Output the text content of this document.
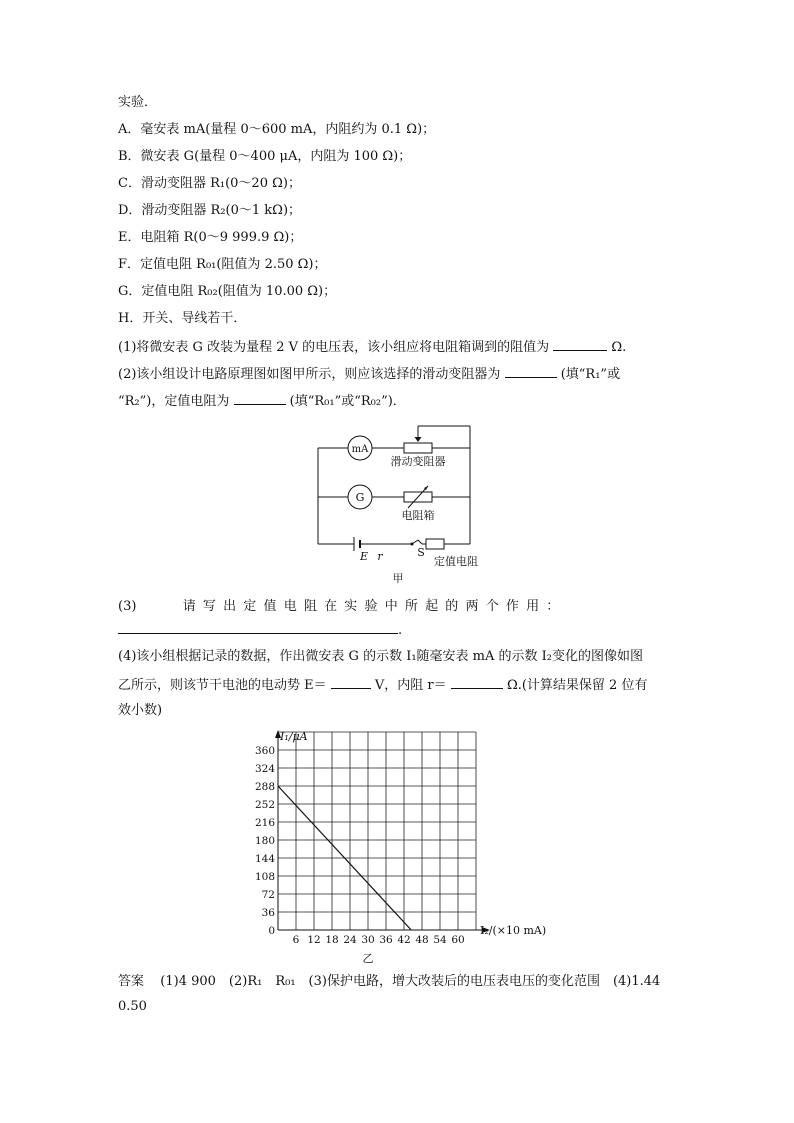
实验．
A．毫安表 mA(量程 0～600 mA，内阻约为 0.1 Ω)；
B．微安表 G(量程 0～400 μA，内阻为 100 Ω)；
C．滑动变阻器 R₁(0～20 Ω)；
D．滑动变阻器 R₂(0～1 kΩ)；
E．电阻箱 R(0～9 999.9 Ω)；
F．定值电阻 R₀₁(阻值为 2.50 Ω)；
G．定值电阻 R₀₂(阻值为 10.00 Ω)；
H．开关、导线若干．
(1)将微安表 G 改装为量程 2 V 的电压表，该小组应将电阻箱调到的阻值为	Ω.
(2)该小组设计电路原理图如图甲所示，则应该选择的滑动变阻器为	(填“R₁”或
“R₂”)，定值电阻为	(填“R₀₁”或“R₀₂”)．
mA
滑动变阻器
G
电阻箱
E r	S
定值电阻
甲
(3)	请写出定值电阻在实验中所起的两个作用：
.
(4)该小组根据记录的数据，作出微安表 G 的示数 I₁随毫安表 mA 的示数 I₂变化的图像如图
乙所示，则该节干电池的电动势 E＝	V，内阻 r＝	Ω.(计算结果保留 2 位有
效小数)
6 12 18 24 30 36 42 48 54 60
360
324
288
252
216
180
144
108
72
36
0
I₁/μA
I₂/(×10 mA)
乙
答案 (1)4 900　(2)R₁　R₀₁　(3)保护电路，增大改装后的电压表电压的变化范围　(4)1.44
0.50
